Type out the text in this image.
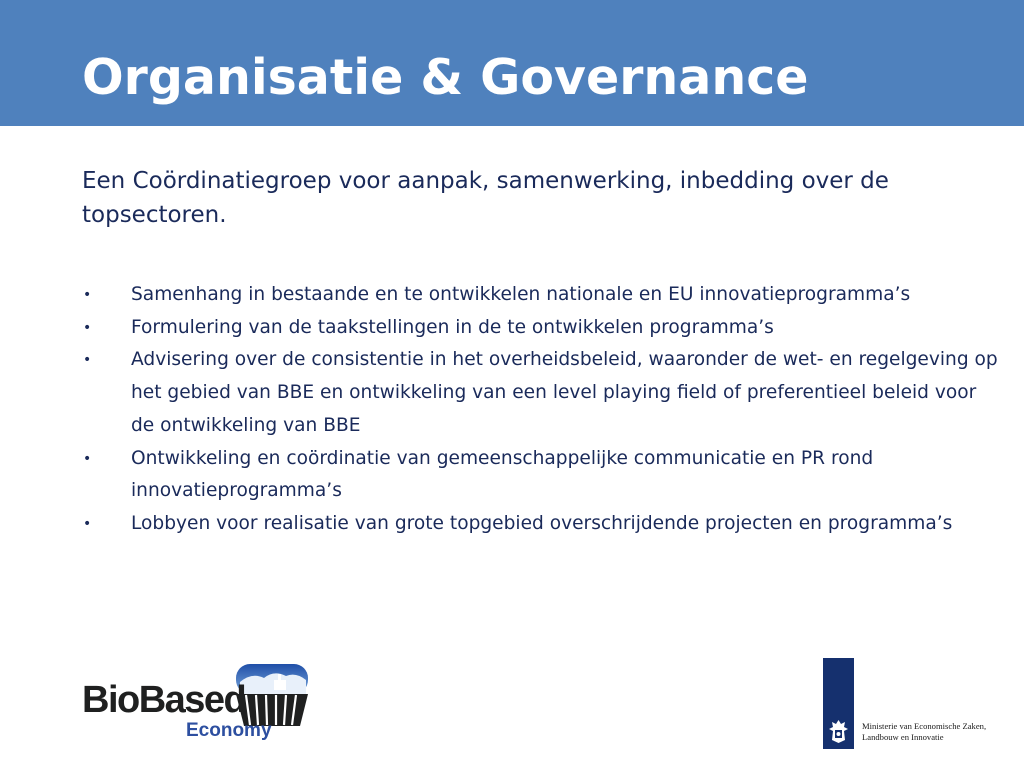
Organisatie & Governance

Een Coördinatiegroep voor aanpak, samenwerking, inbedding over de topsectoren.

• Samenhang in bestaande en te ontwikkelen nationale en EU innovatieprogramma’s
• Formulering van de taakstellingen in de te ontwikkelen programma’s
• Advisering over de consistentie in het overheidsbeleid, waaronder de wet- en regelgeving op het gebied van BBE en ontwikkeling van een level playing field of preferentieel beleid voor de ontwikkeling van BBE
• Ontwikkeling en coördinatie van gemeenschappelijke communicatie en PR rond innovatieprogramma’s
• Lobbyen voor realisatie van grote topgebied overschrijdende projecten en programma’s
BioBased
Economy	Ministerie van Economische Zaken,
Landbouw en Innovatie
